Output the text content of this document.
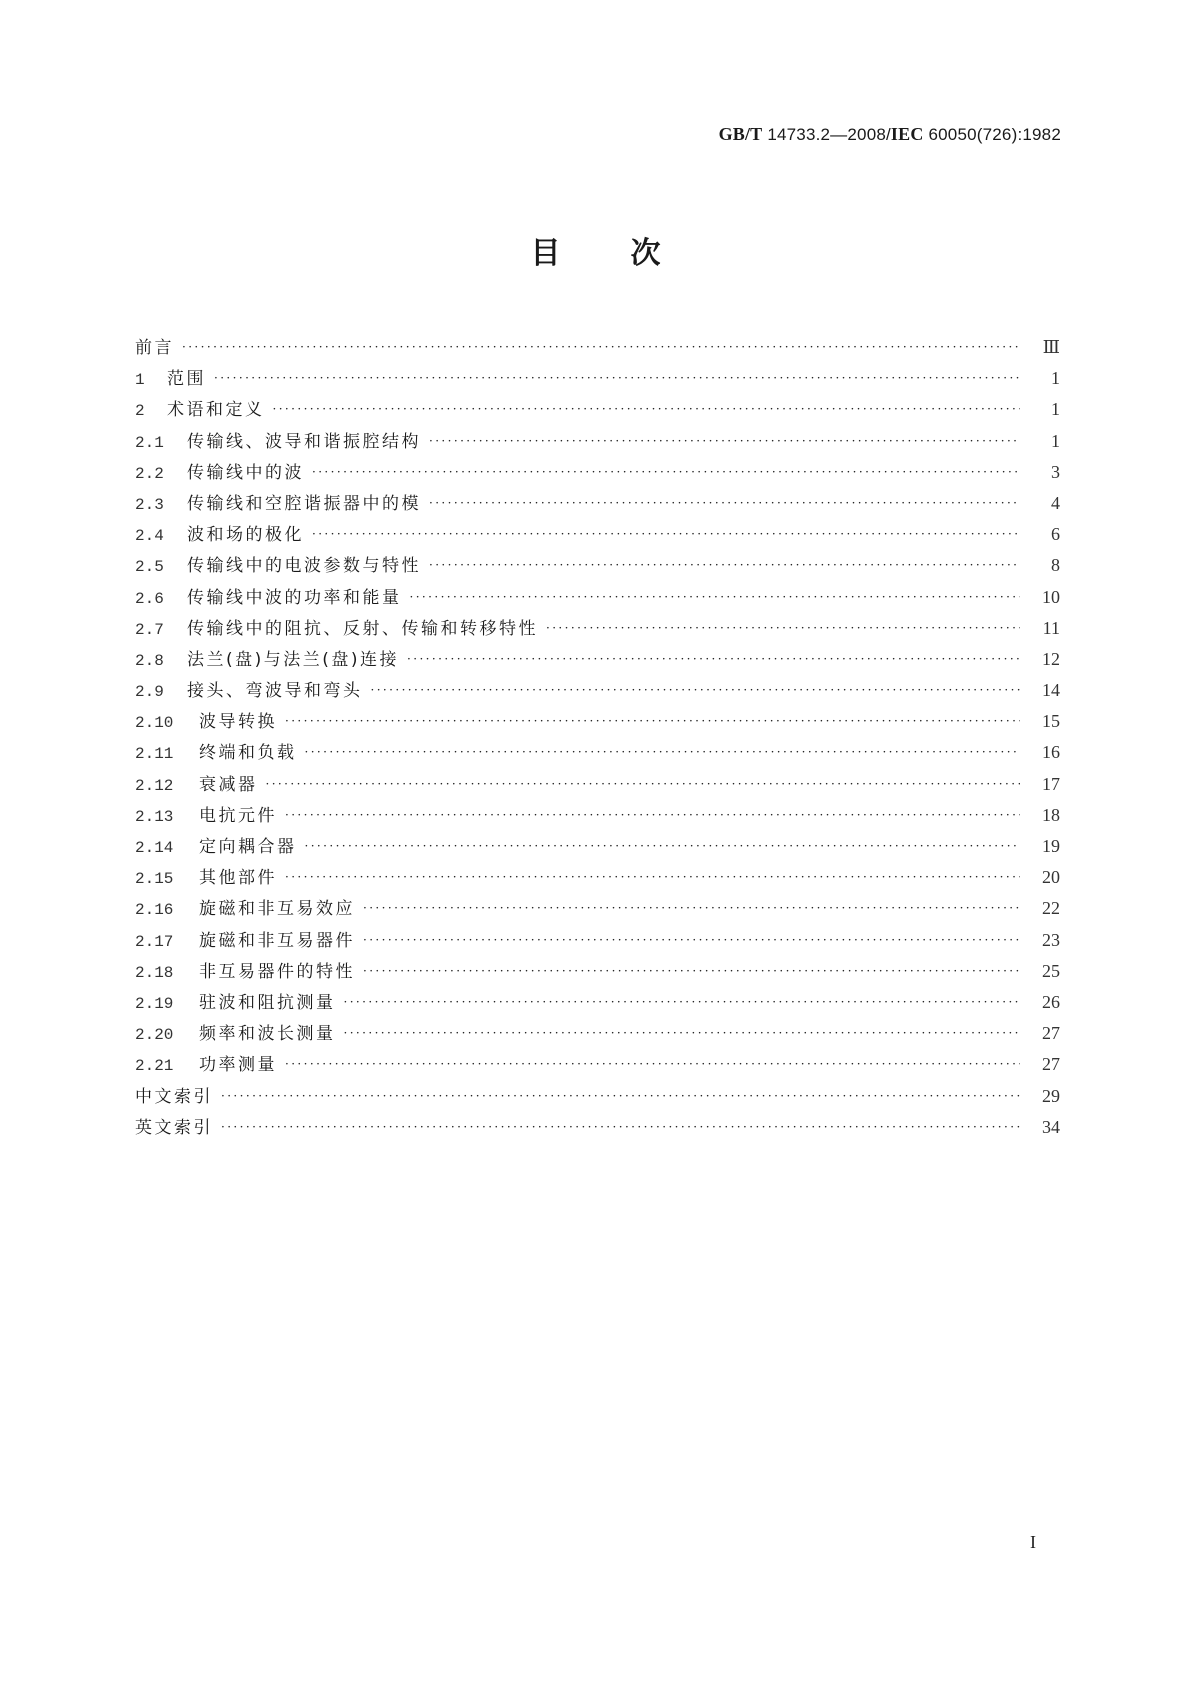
GB/T 14733.2—2008/IEC 60050(726):1982
目 次
前言 ·····	Ⅲ
1	范围 ·····	1
2	术语和定义 ·····	1
2.1	传输线、波导和谐振腔结构 ·····	1
2.2	传输线中的波 ·····	3
2.3	传输线和空腔谐振器中的模 ·····	4
2.4	波和场的极化 ·····	6
2.5	传输线中的电波参数与特性 ·····	8
2.6	传输线中波的功率和能量 ·····	10
2.7	传输线中的阻抗、反射、传输和转移特性 ·····	11
2.8	法兰(盘)与法兰(盘)连接 ·····	12
2.9	接头、弯波导和弯头 ·····	14
2.10	波导转换 ·····	15
2.11	终端和负载 ·····	16
2.12	衰减器 ·····	17
2.13	电抗元件 ·····	18
2.14	定向耦合器 ·····	19
2.15	其他部件 ·····	20
2.16	旋磁和非互易效应 ·····	22
2.17	旋磁和非互易器件 ·····	23
2.18	非互易器件的特性 ·····	25
2.19	驻波和阻抗测量 ·····	26
2.20	频率和波长测量 ·····	27
2.21	功率测量 ·····	27
中文索引 ·····	29
英文索引 ·····	34
I
